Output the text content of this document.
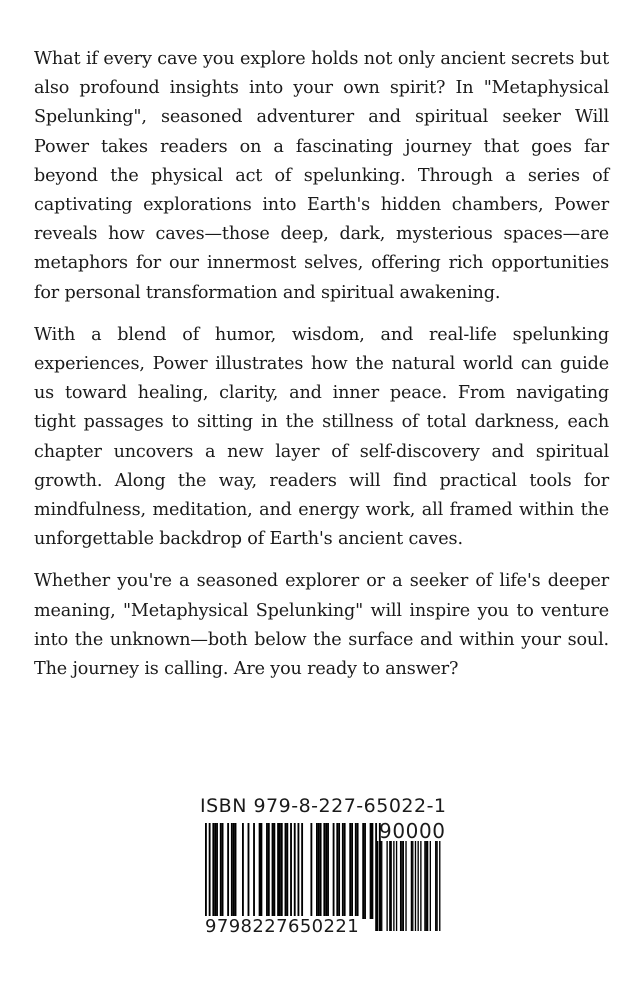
What if every cave you explore holds not only ancient secrets but also profound insights into your own spirit? In "Metaphysical Spelunking", seasoned adventurer and spiritual seeker Will Power takes readers on a fascinating journey that goes far beyond the physical act of spelunking. Through a series of captivating explorations into Earth's hidden chambers, Power reveals how caves—those deep, dark, mysterious spaces—are metaphors for our innermost selves, offering rich opportunities for personal transformation and spiritual awakening.

With a blend of humor, wisdom, and real-life spelunking experiences, Power illustrates how the natural world can guide us toward healing, clarity, and inner peace. From navigating tight passages to sitting in the stillness of total darkness, each chapter uncovers a new layer of self-discovery and spiritual growth. Along the way, readers will find practical tools for mindfulness, meditation, and energy work, all framed within the unforgettable backdrop of Earth's ancient caves.

Whether you're a seasoned explorer or a seeker of life's deeper meaning, "Metaphysical Spelunking" will inspire you to venture into the unknown—both below the surface and within your soul. The journey is calling. Are you ready to answer?

ISBN 979-8-227-65022-1
9798227650221
90000
